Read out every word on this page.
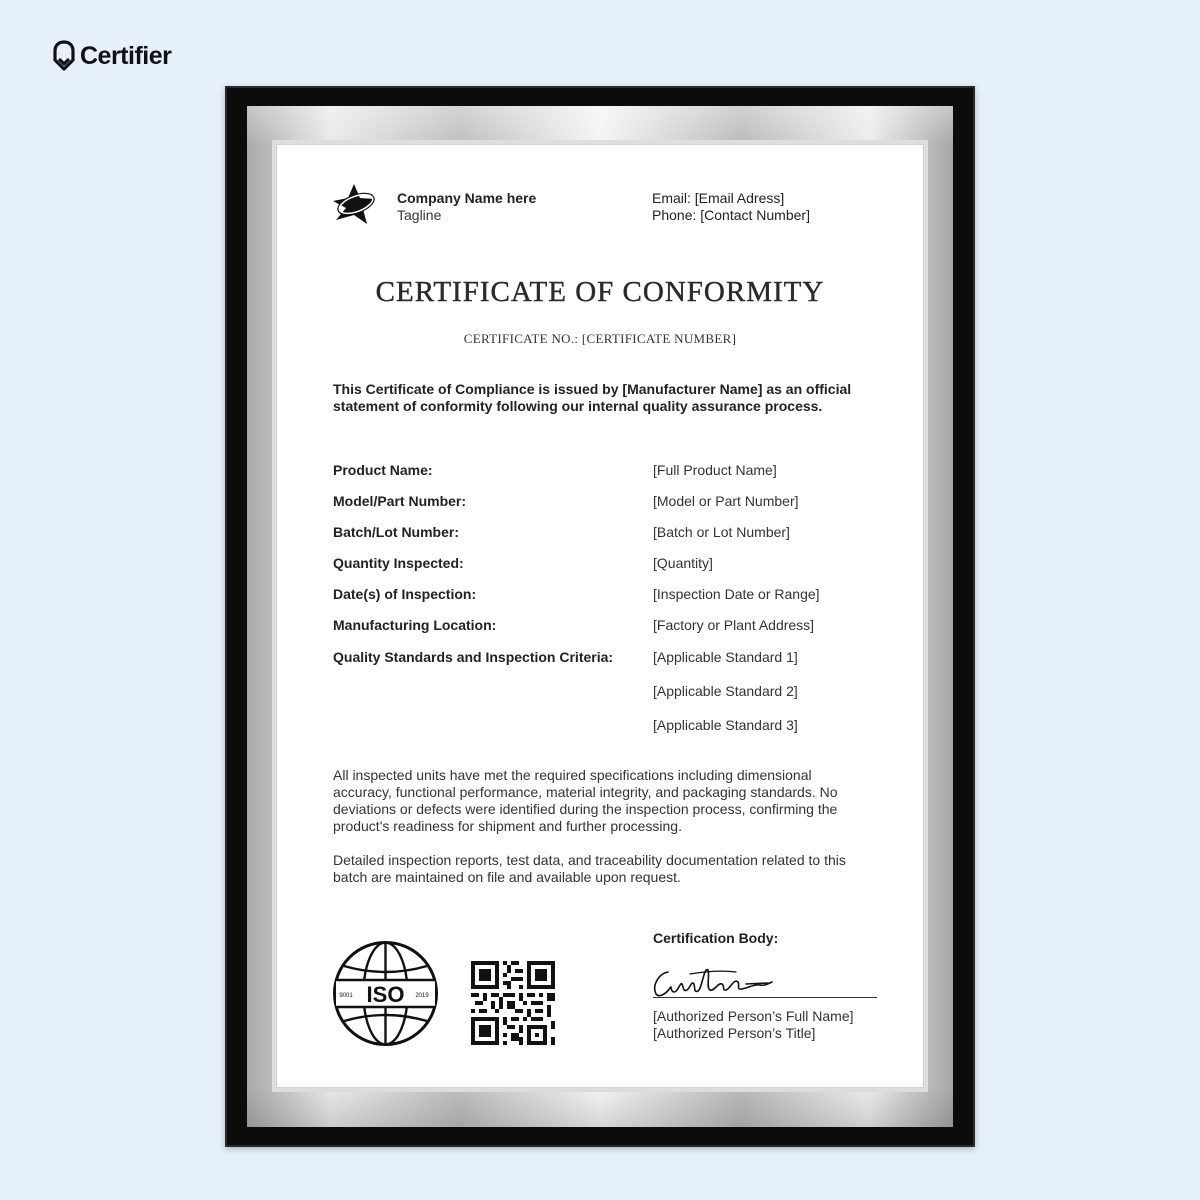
Certifier
Company Name here
Tagline
Email: [Email Adress]
Phone: [Contact Number]
CERTIFICATE OF CONFORMITY
CERTIFICATE NO.: [CERTIFICATE NUMBER]

This Certificate of Compliance is issued by [Manufacturer Name] as an official statement of conformity following our internal quality assurance process.

Product Name:	[Full Product Name]
Model/Part Number:	[Model or Part Number]
Batch/Lot Number:	[Batch or Lot Number]
Quantity Inspected:	[Quantity]
Date(s) of Inspection:	[Inspection Date or Range]
Manufacturing Location:	[Factory or Plant Address]
Quality Standards and Inspection Criteria:	[Applicable Standard 1]
[Applicable Standard 2]
[Applicable Standard 3]

All inspected units have met the required specifications including dimensional accuracy, functional performance, material integrity, and packaging standards. No deviations or defects were identified during the inspection process, confirming the product's readiness for shipment and further processing.

Detailed inspection reports, test data, and traceability documentation related to this batch are maintained on file and available upon request.

ISO
9001	2019
Certification Body:
[Authorized Person’s Full Name]
[Authorized Person’s Title]
